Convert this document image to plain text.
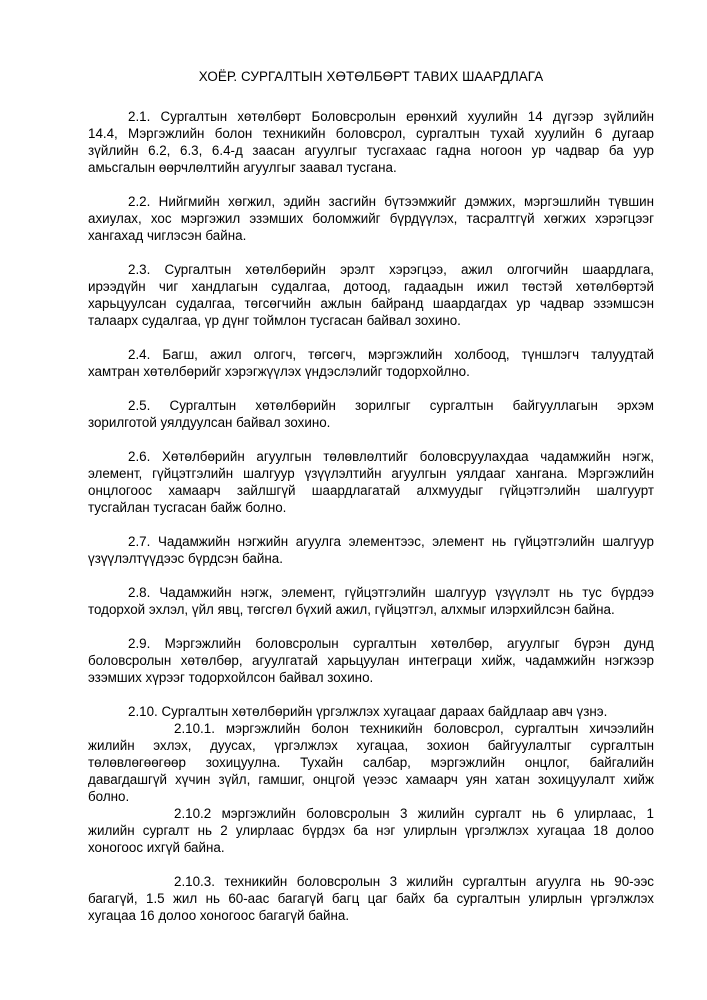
ХОЁР. СУРГАЛТЫН ХӨТӨЛБӨРТ ТАВИХ ШААРДЛАГА
2.1. Сургалтын хөтөлбөрт Боловсролын ерөнхий хуулийн 14 дүгээр зүйлийн
14.4, Мэргэжлийн болон техникийн боловсрол, сургалтын тухай хуулийн 6 дугаар
зүйлийн 6.2, 6.3, 6.4-д заасан агуулгыг тусгахаас гадна ногоон ур чадвар ба уур
амьсгалын өөрчлөлтийн агуулгыг заавал тусгана.
2.2. Нийгмийн хөгжил, эдийн засгийн бүтээмжийг дэмжих, мэргэшлийн түвшин
ахиулах, хос мэргэжил эзэмших боломжийг бүрдүүлэх, тасралтгүй хөгжих хэрэгцээг
хангахад чиглэсэн байна.
2.3. Сургалтын хөтөлбөрийн эрэлт хэрэгцээ, ажил олгогчийн шаардлага,
ирээдүйн чиг хандлагын судалгаа, дотоод, гадаадын ижил төстэй хөтөлбөртэй
харьцуулсан судалгаа, төгсөгчийн ажлын байранд шаардагдах ур чадвар эзэмшсэн
талаарх судалгаа, үр дүнг тоймлон тусгасан байвал зохино.
2.4. Багш, ажил олгогч, төгсөгч, мэргэжлийн холбоод, түншлэгч талуудтай
хамтран хөтөлбөрийг хэрэгжүүлэх үндэслэлийг тодорхойлно.
2.5. Сургалтын хөтөлбөрийн зорилгыг сургалтын байгууллагын эрхэм
зорилготой уялдуулсан байвал зохино.
2.6. Хөтөлбөрийн агуулгын төлөвлөлтийг боловсруулахдаа чадамжийн нэгж,
элемент, гүйцэтгэлийн шалгуур үзүүлэлтийн агуулгын уялдааг хангана. Мэргэжлийн
онцлогоос хамаарч зайлшгүй шаардлагатай алхмуудыг гүйцэтгэлийн шалгуурт
тусгайлан тусгасан байж болно.
2.7. Чадамжийн нэгжийн агуулга элементээс, элемент нь гүйцэтгэлийн шалгуур
үзүүлэлтүүдээс бүрдсэн байна.
2.8. Чадамжийн нэгж, элемент, гүйцэтгэлийн шалгуур үзүүлэлт нь тус бүрдээ
тодорхой эхлэл, үйл явц, төгсгөл бүхий ажил, гүйцэтгэл, алхмыг илэрхийлсэн байна.
2.9. Мэргэжлийн боловсролын сургалтын хөтөлбөр, агуулгыг бүрэн дунд
боловсролын хөтөлбөр, агуулгатай харьцуулан интеграци хийж, чадамжийн нэгжээр
эзэмших хүрээг тодорхойлсон байвал зохино.
2.10. Сургалтын хөтөлбөрийн үргэлжлэх хугацааг дараах байдлаар авч үзнэ.
2.10.1. мэргэжлийн болон техникийн боловсрол, сургалтын хичээлийн
жилийн эхлэх, дуусах, үргэлжлэх хугацаа, зохион байгуулалтыг сургалтын
төлөвлөгөөгөөр зохицуулна. Тухайн салбар, мэргэжлийн онцлог, байгалийн
давагдашгүй хүчин зүйл, гамшиг, онцгой үеээс хамаарч уян хатан зохицуулалт хийж
болно.
2.10.2 мэргэжлийн боловсролын 3 жилийн сургалт нь 6 улирлаас, 1
жилийн сургалт нь 2 улирлаас бүрдэх ба нэг улирлын үргэлжлэх хугацаа 18 долоо
хоногоос ихгүй байна.
2.10.3. техникийн боловсролын 3 жилийн сургалтын агуулга нь 90-ээс
багагүй, 1.5 жил нь 60-аас багагүй багц цаг байх ба сургалтын улирлын үргэлжлэх
хугацаа 16 долоо хоногоос багагүй байна.
